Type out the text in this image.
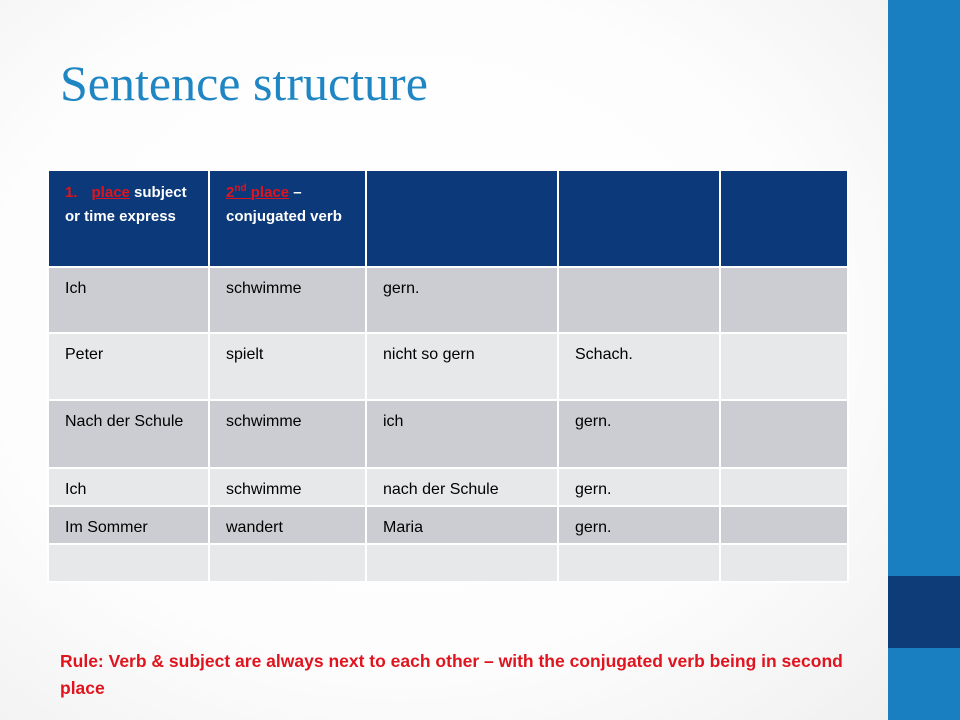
Sentence structure
1. place subject or time express	2nd place – conjugated verb			
Ich	schwimme	gern.		
Peter	spielt	nicht so gern	Schach.	
Nach der Schule	schwimme	ich	gern.	
Ich	schwimme	nach der Schule	gern.	
Im Sommer	wandert	Maria	gern.	

Rule: Verb & subject are always next to each other – with the conjugated verb being in second place
